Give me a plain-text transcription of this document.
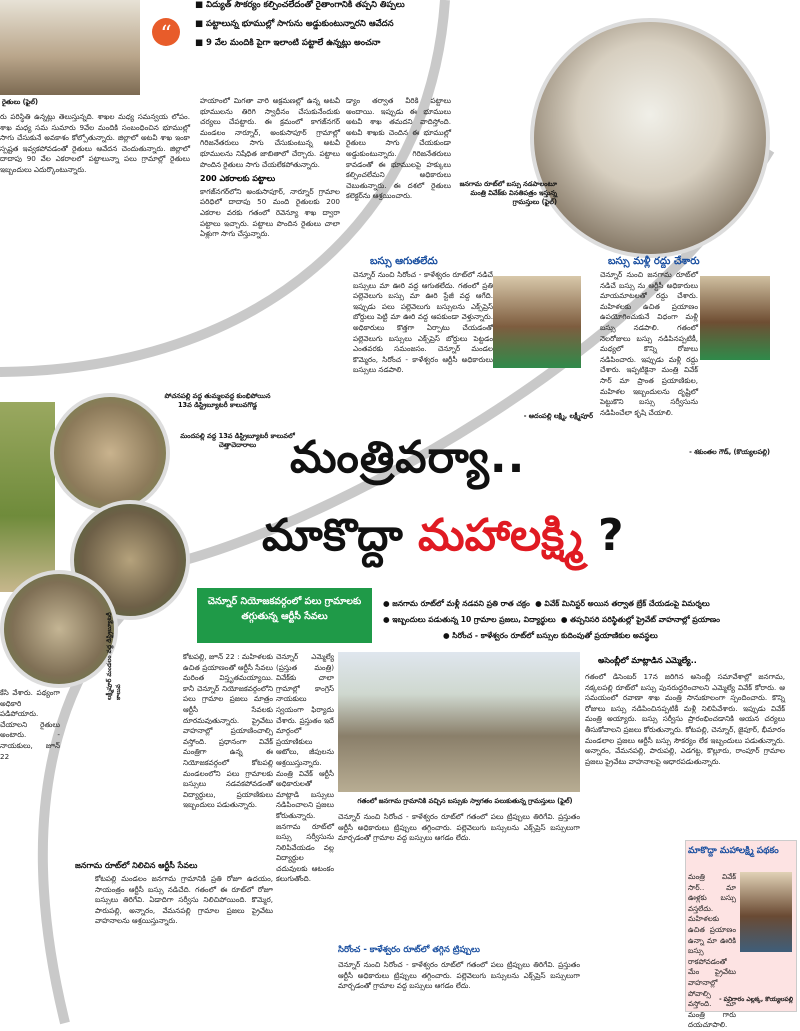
రైతులు (ఫైల్)
“
■ విద్యుత్ సౌకర్యం కల్పించలేదంతో రైతాంగానికి తప్పని తిప్పలు
■ పట్టాలున్న భూముల్లో సాగును అడ్డుకుంటున్నారని ఆవేదన
■ 9 వేల మందికి పైగా ఇలాంటి పట్టాలే ఉన్నట్లు అంచనా
రు పరిస్థితి ఉన్నట్లు తెలుస్తున్నది. శాఖల మధ్య సమన్వయ లోపం. శాఖ మధ్య సమ సుమారు 9వేల మందికి సంబంధించిన భూముల్లో సాగు చేసుకునే అవకాశం కోల్పోతున్నారు. జిల్లాలో అటవీ శాఖ ఇంకా స్పష్టత ఇవ్వకపోవడంతో రైతులు ఆవేదన చెందుతున్నారు. జిల్లాలో దాదాపు 90 వేల ఎకరాలలో పట్టాలున్నా పలు గ్రామాల్లో రైతులు ఇబ్బందులు ఎదుర్కొంటున్నారు.

హయాంలో మిగతా వారి అక్రమణల్లో ఉన్న అటవీ భూములను తిరిగి స్వాధీనం చేసుకునేందుకు చర్యలు చేపట్టారు. ఈ క్రమంలో కాగజ్‌నగర్ మండలం నార్నూర్, అంకుసాపూర్ గ్రామాల్లో గిరిజనేతరులు సాగు చేసుకుంటున్న అటవీ భూములను నిషేధిత జాబితాలో చేర్చారు. పట్టాలు పొందిన రైతులు సాగు చేయలేకపోతున్నారు.

200 ఎకరాలకు పట్టాలు

కాగజ్‌నగర్‌లోని అంకుసాపూర్, నార్నూర్ గ్రామాల పరిధిలో దాదాపు 50 మంది రైతులకు 200 ఎకరాల వరకు గతంలో రెవెన్యూ శాఖ ద్వారా పట్టాలు ఇచ్చారు. పట్టాలు పొందిన రైతులు చాలా ఏళ్లుగా సాగు చేస్తున్నారు.

డ్యాం తర్వాత వీరికి పట్టాలు అందాయి. ఇప్పుడు ఈ భూములు అటవీ శాఖ తమదని వాదిస్తోంది. అటవీ శాఖకు చెందిన ఈ భూముల్లో రైతులు సాగు చేయకుండా అడ్డుకుంటున్నారు. గిరిజనేతరులు కావడంతో ఈ భూములపై హక్కులు కల్పించలేమని అధికారులు చెబుతున్నారు. ఈ దశలో రైతులు కలెక్టర్‌ను ఆశ్రయించారు.
జనగామ రూట్‌లో బస్సు నడపాలంటూ మంత్రి వివేక్‌కు వినతిపత్రం ఇస్తున్న గ్రామస్తులు (ఫైల్)
బస్సు ఆగుతలేదు
చెన్నూర్ నుంచి సిరోంచ - కాళేశ్వరం రూట్‌లో నడిచే బస్సులు మా ఊరి వద్ద ఆగుతలేదు. గతంలో ప్రతి పల్లెవెలుగు బస్సు మా ఊరి స్టేజీ వద్ద ఆగేది. ఇప్పుడు పలు పల్లెవెలుగు బస్సులను ఎక్స్‌ప్రెస్ బోర్డులు పెట్టి మా ఊరి వద్ద ఆపకుండా వెళ్తున్నారు. అధికారులు కొత్తగా ఏర్పాటు చేయడంతో పల్లెవెలుగు బస్సులు ఎక్స్‌ప్రెస్ బోర్డులు పెట్టడం ఎంతవరకు సమంజసం. చెన్నూర్ మండల కొమ్మెరం, సిరోంచ - కాళేశ్వరం ఆర్టీసీ అధికారులు బస్సులు నడపాలి.
- ఆదంపల్లి లక్ష్మి, లక్ష్మీపూర్
బస్సు మళ్లీ రద్దు చేశారు
చెన్నూర్ నుంచి జనగామ రూట్‌లో నడిచే బస్సు ను ఆర్టీసీ అధికారులు మాయమాటలతో రద్దు చేశారు. మహిళలకు ఉచిత ప్రయాణం ఉపయోగించుకునే విధంగా మళ్లీ బస్సు నడపాలి. గతంలో నెలరోజులు బస్సు నడిపినప్పటికీ, మధ్యలో కొన్ని రోజులు నడిపించారు. ఇప్పుడు మళ్లీ రద్దు చేశారు. ఇప్పటికైనా మంత్రి వివేక్ సార్ మా ప్రాంత ప్రయాణికుల, మహిళల ఇబ్బందులను దృష్టిలో పెట్టుకొని బస్సు సర్వీసును నడిపించేలా కృషి చేయాలి.
- శకుంతల గౌడ్, (కొయ్యలపల్లి)
పోచనపల్లి వద్ద తుమ్మలవద్ద కుంభిపోయిన 13వ డిస్ట్రిబ్యూటరీ కాలువగొడ్డ
మందపల్లి వద్ద 13వ డిస్ట్రిబ్యూటరీ కాలువలో చెత్తాచెదారాలు
లక్ష్మీపూర్ మండలం వద్ద డిస్ట్రిబ్యూటరీ కాలువ
మంత్రివర్యా..
మాకొద్దా మహాలక్ష్మి ?
చెన్నూర్ నియోజకవర్గంలో పలు గ్రామాలకు తగ్గుతున్న ఆర్టీసీ సేవలు
● జనగామ రూట్‌లో మళ్లీ నడవని ప్రతి రాత చక్రం  ● వివేక్ మినిస్టర్ అయిన తర్వాత బ్రేక్ చేయడంపై విమర్శలు
● ఇబ్బందులు పడుతున్న 10 గ్రామాల ప్రజలు, విద్యార్థులు  ● తప్పనిసరి పరిస్థితుల్లో ప్రైవేట్ వాహనాల్లో ప్రయాణం
● సిరోంచ - కాళేశ్వరం రూట్‌లో బస్సుల కుదింపుతో ప్రయాణికుల అవస్థలు
కేసి వేశారు. పథ్యంగా అధికారి పడిపోయారు. చేయాలని రైతులు అంటారు. - నాయకులు, జూన్ 22
జనగామ రూట్‌లో నిలిచిన ఆర్టీసీ సేవలు

కోటపల్లి, జూన్ 22 : మహిళలకు ఉచిత ప్రయాణంతో ఆర్టీసీ సేవలు మరింత విస్తృతమయ్యాయి. కానీ చెన్నూర్ నియోజకవర్గంలోని పలు గ్రామాల ప్రజలు మాత్రం ఆర్టీసీ సేవలకు దూరమవుతున్నారు. ప్రైవేటు వాహనాల్లో ప్రయాణించాల్సి వస్తోంది. ప్రధానంగా వివేక్ మంత్రిగా ఉన్న ఈ నియోజకవర్గంలో కోటపల్లి మండలంలోని పలు గ్రామాలకు బస్సులు నడవకపోవడంతో విద్యార్థులు, ప్రయాణికులు ఇబ్బందులు పడుతున్నారు.

కోటపల్లి మండలం జనగామ గ్రామానికి ప్రతి రోజూ ఉదయం, సాయంత్రం ఆర్టీసీ బస్సు నడిచేది. గతంలో ఈ రూట్‌లో రోజూ బస్సులు తిరిగేవి. ఏడాదిగా సర్వీసు నిలిచిపోయింది. కొమ్మెర, పారుపల్లి, అన్నారం, వేమనపల్లి గ్రామాల ప్రజలు ప్రైవేటు వాహనాలను ఆశ్రయిస్తున్నారు.
చెన్నూర్ ఎమ్మెల్యే (ప్రస్తుత మంత్రి) వివేక్‌కు చాలా గ్రామాల్లో కాంగ్రెస్ నాయకులు స్వయంగా ఫిర్యాదు చేశారు. ప్రస్తుతం ఇదే మార్గంలో ప్రయాణికులు ఆటోలు, జీపులను ఆశ్రయిస్తున్నారు. మంత్రి వివేక్ ఆర్టీసీ అధికారులతో మాట్లాడి బస్సులు నడిపించాలని ప్రజలు కోరుతున్నారు. జనగామ రూట్‌లో బస్సు సర్వీసును నిలిపివేయడం వల్ల విద్యార్థుల చదువులకు ఆటంకం కలుగుతోంది.
గతంలో జనగామ గ్రామానికి వచ్చిన బస్సుకు స్వాగతం పలుకుతున్న గ్రామస్తులు (ఫైల్)

చెన్నూర్ నుంచి సిరోంచ - కాళేశ్వరం రూట్‌లో గతంలో పలు ట్రిప్పులు తిరిగేవి. ప్రస్తుతం ఆర్టీసీ అధికారులు ట్రిప్పులు తగ్గించారు. పల్లెవెలుగు బస్సులను ఎక్స్‌ప్రెస్ బస్సులుగా మార్చడంతో గ్రామాల వద్ద బస్సులు ఆగడం లేదు.

సిరోంచ - కాళేశ్వరం రూట్‌లో తగ్గిన ట్రిప్పులు
చెన్నూర్ నుంచి సిరోంచ - కాళేశ్వరం రూట్‌లో గతంలో పలు ట్రిప్పులు తిరిగేవి. ప్రస్తుతం ఆర్టీసీ అధికారులు ట్రిప్పులు తగ్గించారు. పల్లెవెలుగు బస్సులను ఎక్స్‌ప్రెస్ బస్సులుగా మార్చడంతో గ్రామాల వద్ద బస్సులు ఆగడం లేదు.
అసెంబ్లీలో మాట్లాడిన ఎమ్మెల్యే..
గతంలో డిసెంబర్ 17న జరిగిన అసెంబ్లీ సమావేశాల్లో జనగామ, నక్కలపల్లి రూట్‌లో బస్సు పునరుద్ధరించాలని ఎమ్మెల్యే వివేక్ కోరారు. ఆ సమయంలో రవాణా శాఖ మంత్రి సానుకూలంగా స్పందించారు. కొన్ని రోజులు బస్సు నడిపించినప్పటికీ మళ్లీ నిలిపివేశారు. ఇప్పుడు వివేక్ మంత్రి అయ్యారు. బస్సు సర్వీసు ప్రారంభించడానికి ఆయన చర్యలు తీసుకోవాలని ప్రజలు కోరుతున్నారు. కోటపల్లి, చెన్నూర్, జైపూర్, భీమారం మండలాల ప్రజలు ఆర్టీసీ బస్సు సౌకర్యం లేక ఇబ్బందులు పడుతున్నారు. అన్నారం, వేమనపల్లి, పారుపల్లి, ఎడగట్ట, కొల్లూరు, రాంపూర్ గ్రామాల ప్రజలు ప్రైవేటు వాహనాలపై ఆధారపడుతున్నారు.
మాకొద్దా మహాలక్ష్మి పథకం
మంత్రి వివేక్ సార్.. మా ఊళ్లకు బస్సు వస్తలేదు. మహిళలకు ఉచిత ప్రయాణం ఉన్నా మా ఊరికి బస్సు రాకపోవడంతో మేం ప్రైవేటు వాహనాల్లో పోవాల్సి వస్తోంది. మా మంత్రి గారు దయచూపాలి.
- పనిగారం ఎల్లక్క, కొయ్యలపల్లి
